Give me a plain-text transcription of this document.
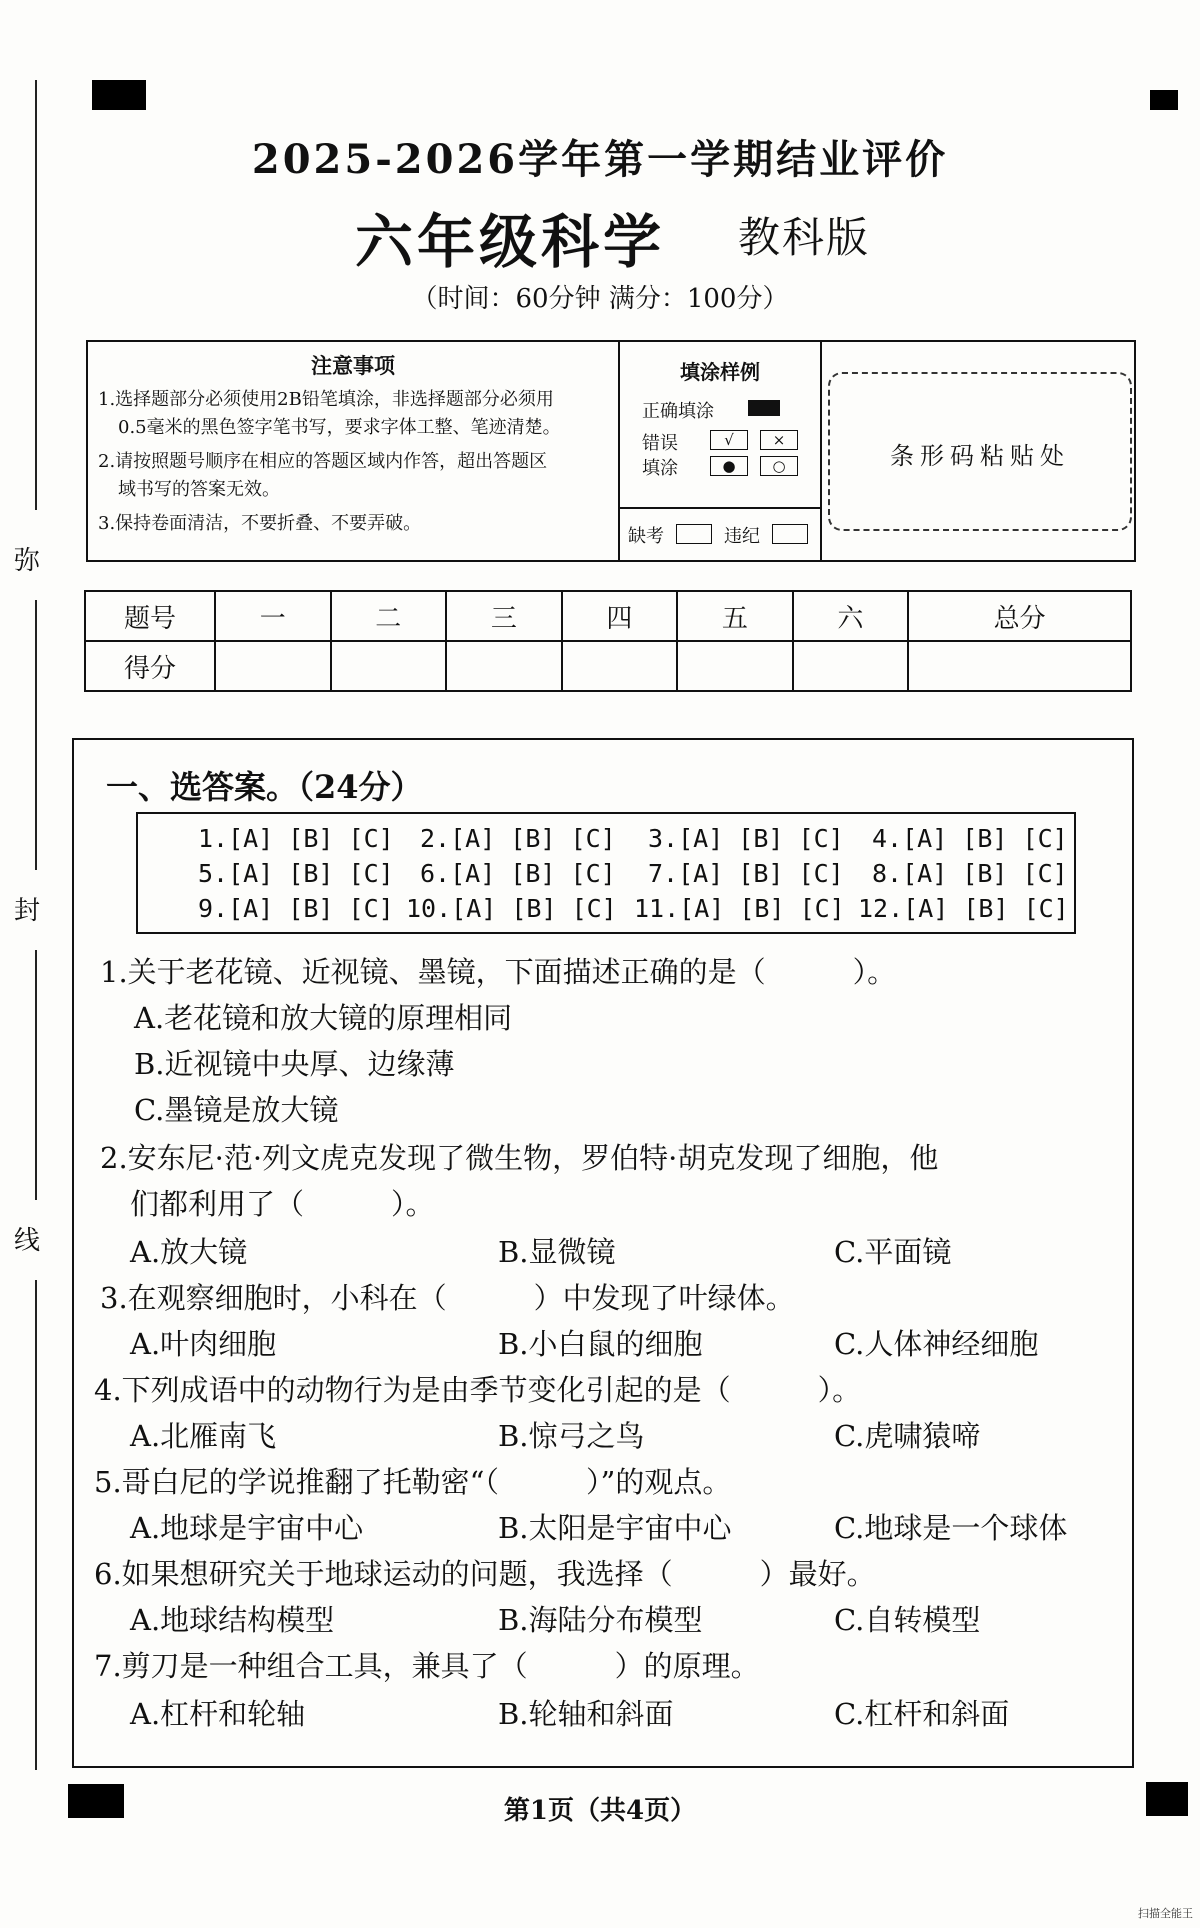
弥
封
线
2025-2026学年第一学期结业评价
六年级科学 教科版
（时间：60分钟 满分：100分）
注意事项
1.选择题部分必须使用2B铅笔填涂，非选择题部分必须用
0.5毫米的黑色签字笔书写，要求字体工整、笔迹清楚。
2.请按照题号顺序在相应的答题区域内作答，超出答题区
域书写的答案无效。
3.保持卷面清洁，不要折叠、不要弄破。
填涂样例
正确填涂
错误
填涂
√	×
●	○
缺考	违纪
条形码粘贴处
题号	一	二	三	四	五	六	总分
得分							
一、选答案。（24分）
1.[A] [B] [C] 2.[A] [B] [C] 3.[A] [B] [C] 4.[A] [B] [C]
5.[A] [B] [C] 6.[A] [B] [C] 7.[A] [B] [C] 8.[A] [B] [C]
9.[A] [B] [C] 10.[A] [B] [C] 11.[A] [B] [C] 12.[A] [B] [C]
1.关于老花镜、近视镜、墨镜，下面描述正确的是（　　　）。
A.老花镜和放大镜的原理相同
B.近视镜中央厚、边缘薄
C.墨镜是放大镜
2.安东尼·范·列文虎克发现了微生物，罗伯特·胡克发现了细胞，他
们都利用了（　　　）。
A.放大镜	B.显微镜	C.平面镜
3.在观察细胞时，小科在（　　　）中发现了叶绿体。
A.叶肉细胞	B.小白鼠的细胞	C.人体神经细胞
4.下列成语中的动物行为是由季节变化引起的是（　　　）。
A.北雁南飞	B.惊弓之鸟	C.虎啸猿啼
5.哥白尼的学说推翻了托勒密“（　　　）”的观点。
A.地球是宇宙中心	B.太阳是宇宙中心	C.地球是一个球体
6.如果想研究关于地球运动的问题，我选择（　　　）最好。
A.地球结构模型	B.海陆分布模型	C.自转模型
7.剪刀是一种组合工具，兼具了（　　　）的原理。
A.杠杆和轮轴	B.轮轴和斜面	C.杠杆和斜面
第1页（共4页）
扫描全能王
